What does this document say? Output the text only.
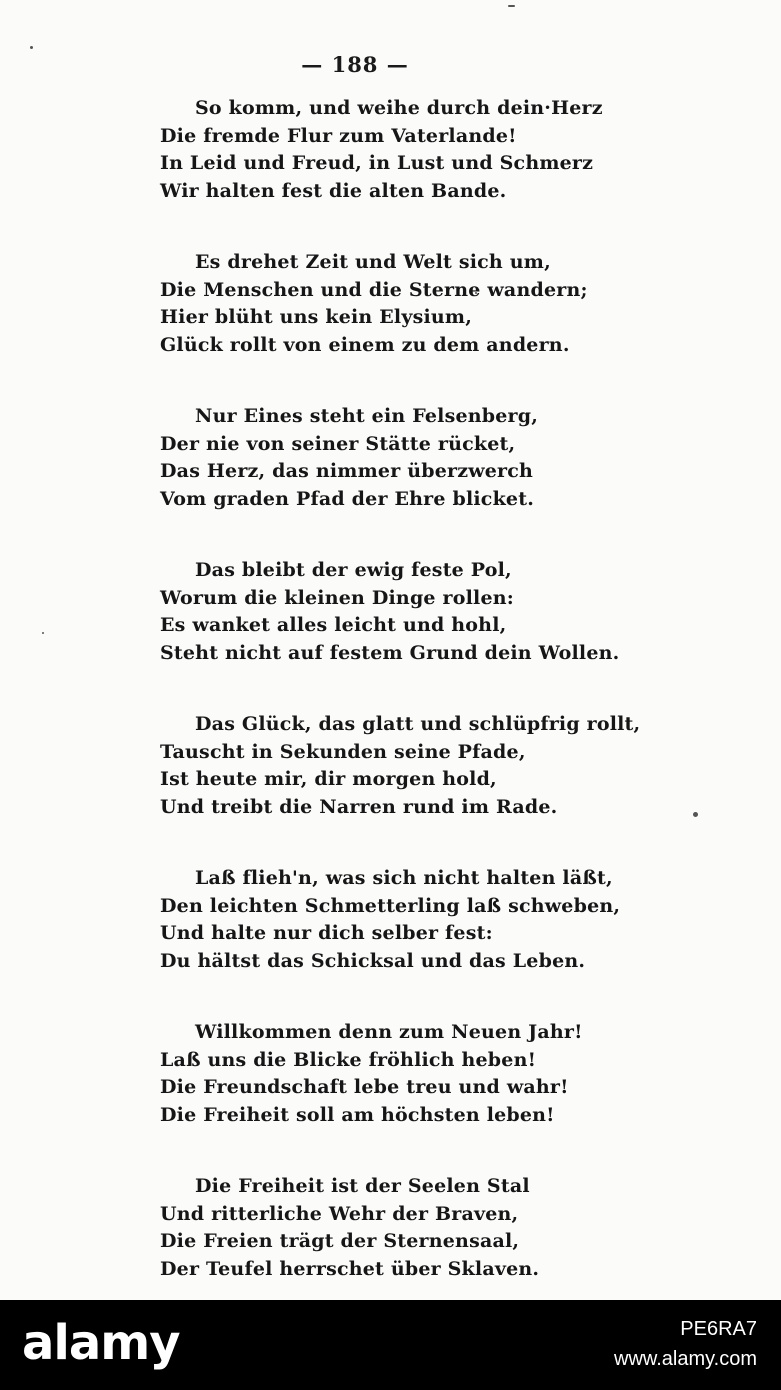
— 188 —
So komm, und weihe durch dein·Herz
Die fremde Flur zum Vaterlande!
In Leid und Freud, in Lust und Schmerz
Wir halten fest die alten Bande.
Es drehet Zeit und Welt sich um,
Die Menschen und die Sterne wandern;
Hier blüht uns kein Elysium,
Glück rollt von einem zu dem andern.
Nur Eines steht ein Felsenberg,
Der nie von seiner Stätte rücket,
Das Herz, das nimmer überzwerch
Vom graden Pfad der Ehre blicket.
Das bleibt der ewig feste Pol,
Worum die kleinen Dinge rollen:
Es wanket alles leicht und hohl,
Steht nicht auf festem Grund dein Wollen.
Das Glück, das glatt und schlüpfrig rollt,
Tauscht in Sekunden seine Pfade,
Ist heute mir, dir morgen hold,
Und treibt die Narren rund im Rade.
Laß flieh'n, was sich nicht halten läßt,
Den leichten Schmetterling laß schweben,
Und halte nur dich selber fest:
Du hältst das Schicksal und das Leben.
Willkommen denn zum Neuen Jahr!
Laß uns die Blicke fröhlich heben!
Die Freundschaft lebe treu und wahr!
Die Freiheit soll am höchsten leben!
Die Freiheit ist der Seelen Stal
Und ritterliche Wehr der Braven,
Die Freien trägt der Sternensaal,
Der Teufel herrschet über Sklaven.
alamy	PE6RA7
www.alamy.com
